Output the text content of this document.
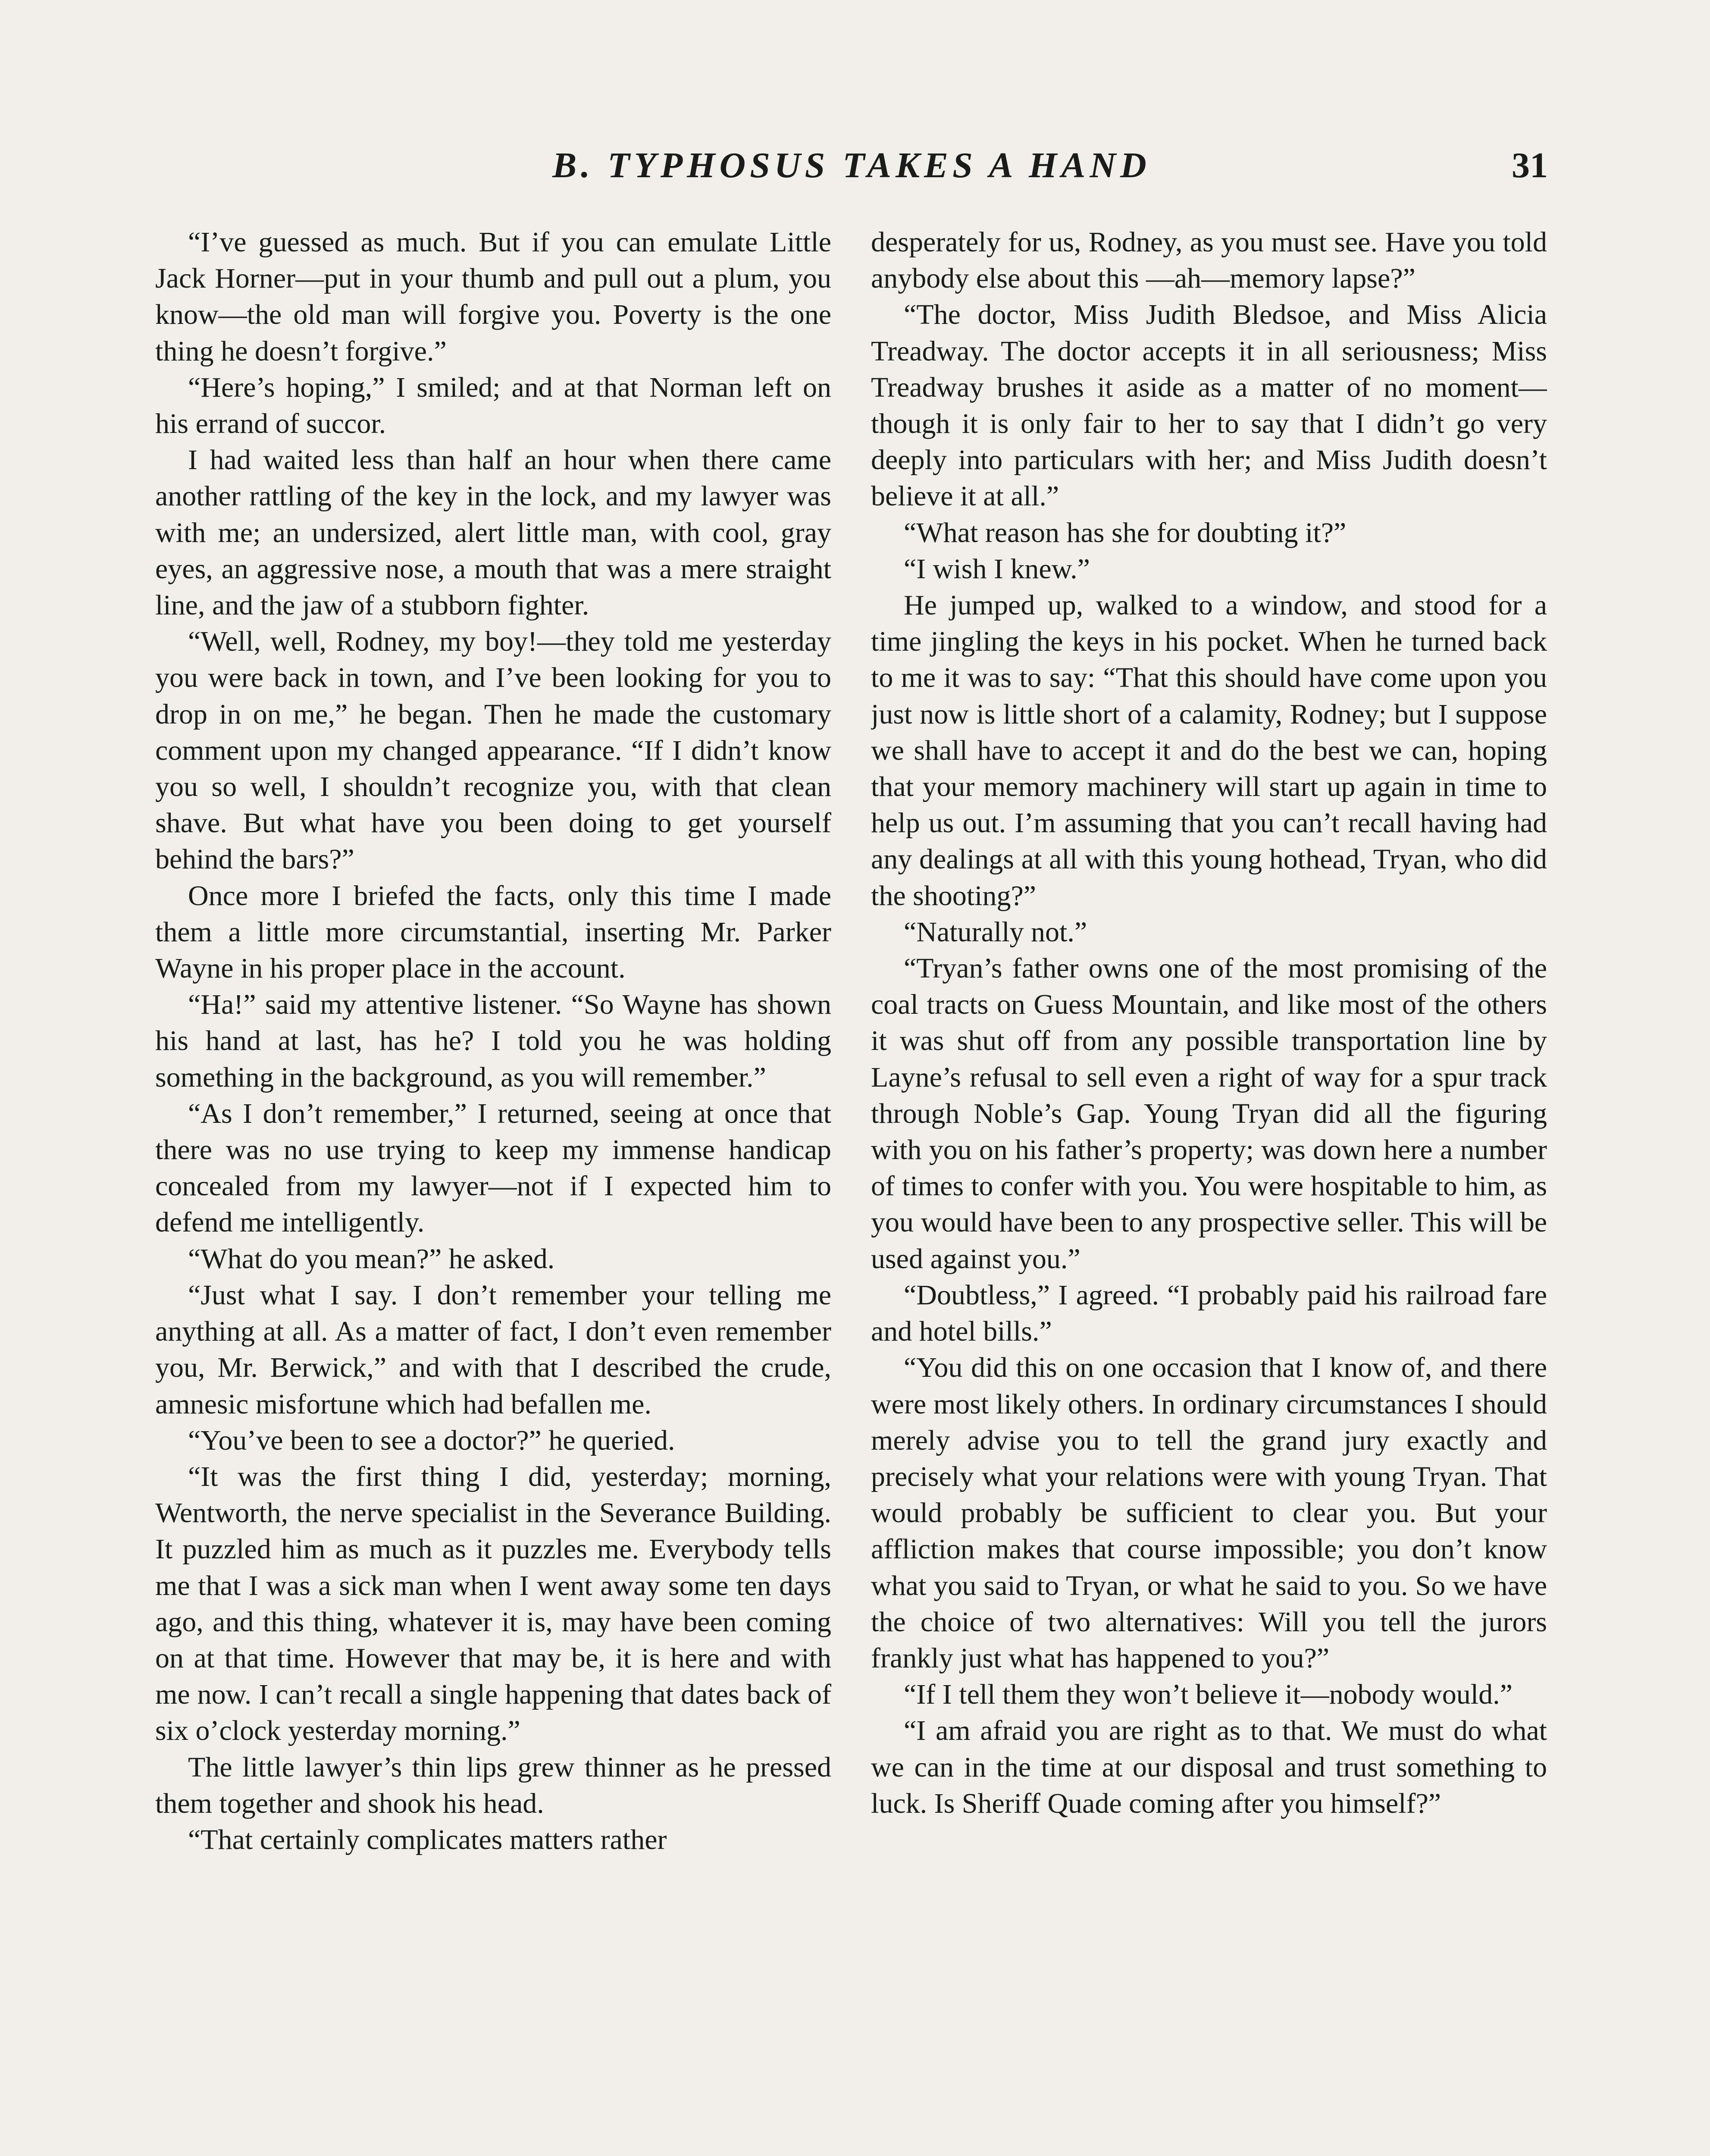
B. TYPHOSUS TAKES A HAND	31

“I’ve guessed as much. But if you can emulate Little Jack Horner—put in your thumb and pull out a plum, you know—the old man will forgive you. Poverty is the one thing he doesn’t forgive.”

“Here’s hoping,” I smiled; and at that Norman left on his errand of succor.

I had waited less than half an hour when there came another rattling of the key in the lock, and my lawyer was with me; an undersized, alert little man, with cool, gray eyes, an aggressive nose, a mouth that was a mere straight line, and the jaw of a stubborn fighter.

“Well, well, Rodney, my boy!—they told me yesterday you were back in town, and I’ve been looking for you to drop in on me,” he began. Then he made the customary comment upon my changed appearance. “If I didn’t know you so well, I shouldn’t recognize you, with that clean shave. But what have you been doing to get yourself behind the bars?”

Once more I briefed the facts, only this time I made them a little more circumstantial, inserting Mr. Parker Wayne in his proper place in the account.

“Ha!” said my attentive listener. “So Wayne has shown his hand at last, has he? I told you he was holding something in the background, as you will remember.”

“As I don’t remember,” I returned, seeing at once that there was no use trying to keep my immense handicap concealed from my lawyer—not if I expected him to defend me intelligently.

“What do you mean?” he asked.

“Just what I say. I don’t remember your telling me anything at all. As a matter of fact, I don’t even remember you, Mr. Berwick,” and with that I described the crude, amnesic misfortune which had befallen me.

“You’ve been to see a doctor?” he queried.

“It was the first thing I did, yesterday; morning, Wentworth, the nerve specialist in the Severance Building. It puzzled him as much as it puzzles me. Everybody tells me that I was a sick man when I went away some ten days ago, and this thing, whatever it is, may have been coming on at that time. However that may be, it is here and with me now. I can’t recall a single happening that dates back of six o’clock yesterday morning.”

The little lawyer’s thin lips grew thinner as he pressed them together and shook his head.

“That certainly complicates matters rather

desperately for us, Rodney, as you must see. Have you told anybody else about this —ah—memory lapse?”

“The doctor, Miss Judith Bledsoe, and Miss Alicia Treadway. The doctor accepts it in all seriousness; Miss Treadway brushes it aside as a matter of no moment—though it is only fair to her to say that I didn’t go very deeply into particulars with her; and Miss Judith doesn’t believe it at all.”

“What reason has she for doubting it?”

“I wish I knew.”

He jumped up, walked to a window, and stood for a time jingling the keys in his pocket. When he turned back to me it was to say: “That this should have come upon you just now is little short of a calamity, Rodney; but I suppose we shall have to accept it and do the best we can, hoping that your memory machinery will start up again in time to help us out. I’m assuming that you can’t recall having had any dealings at all with this young hothead, Tryan, who did the shooting?”

“Naturally not.”

“Tryan’s father owns one of the most promising of the coal tracts on Guess Mountain, and like most of the others it was shut off from any possible transportation line by Layne’s refusal to sell even a right of way for a spur track through Noble’s Gap. Young Tryan did all the figuring with you on his father’s property; was down here a number of times to confer with you. You were hospitable to him, as you would have been to any prospective seller. This will be used against you.”

“Doubtless,” I agreed. “I probably paid his railroad fare and hotel bills.”

“You did this on one occasion that I know of, and there were most likely others. In ordinary circumstances I should merely advise you to tell the grand jury exactly and precisely what your relations were with young Tryan. That would probably be sufficient to clear you. But your affliction makes that course impossible; you don’t know what you said to Tryan, or what he said to you. So we have the choice of two alternatives: Will you tell the jurors frankly just what has happened to you?”

“If I tell them they won’t believe it—nobody would.”

“I am afraid you are right as to that. We must do what we can in the time at our disposal and trust something to luck. Is Sheriff Quade coming after you himself?”
